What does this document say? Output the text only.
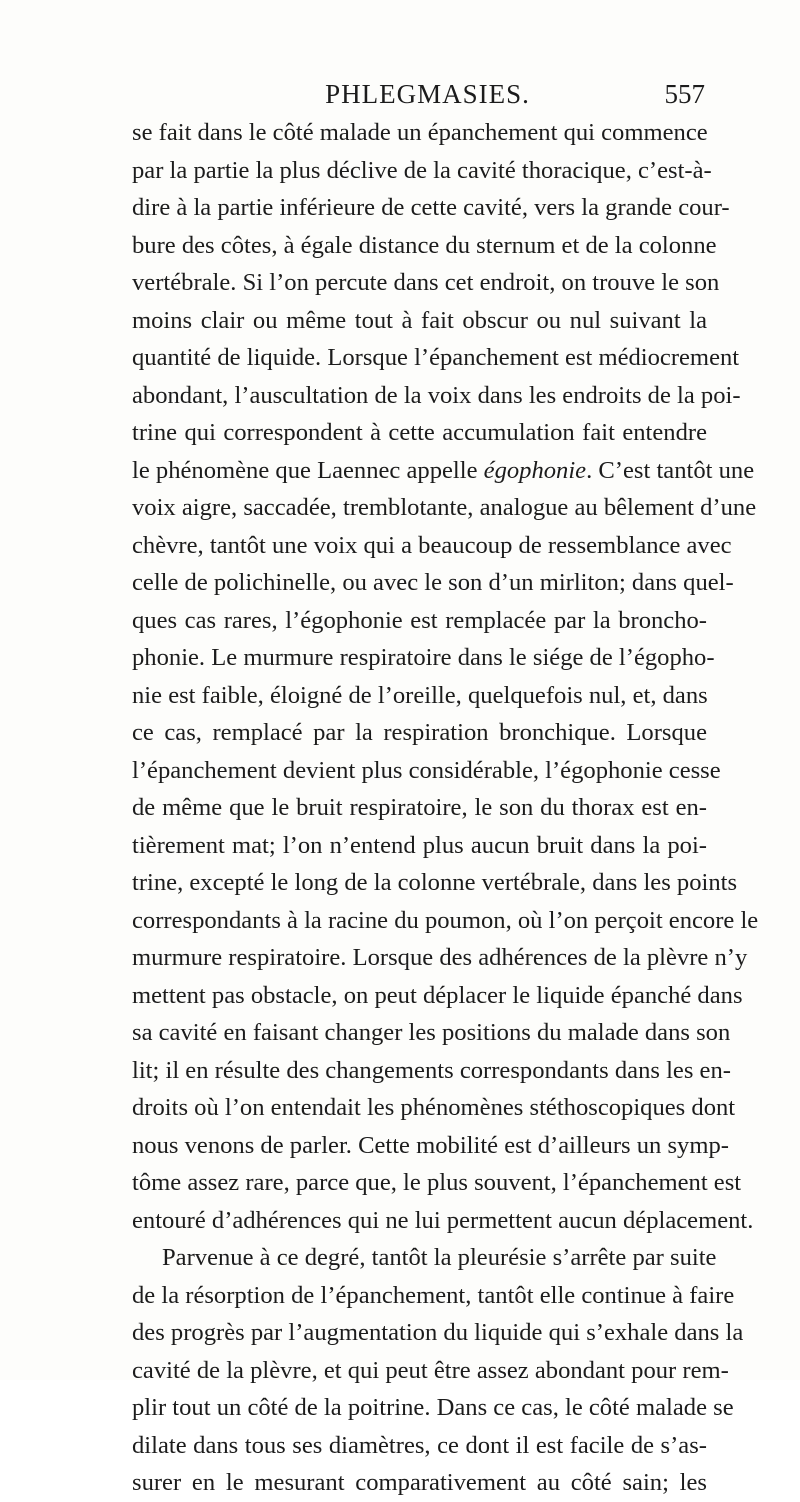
PHLEGMASIES.	557
se fait dans le côté malade un épanchement qui commence
par la partie la plus déclive de la cavité thoracique, c’est-à-
dire à la partie inférieure de cette cavité, vers la grande cour-
bure des côtes, à égale distance du sternum et de la colonne
vertébrale. Si l’on percute dans cet endroit, on trouve le son
moins clair ou même tout à fait obscur ou nul suivant la
quantité de liquide. Lorsque l’épanchement est médiocrement
abondant, l’auscultation de la voix dans les endroits de la poi-
trine qui correspondent à cette accumulation fait entendre
le phénomène que Laennec appelle égophonie. C’est tantôt une
voix aigre, saccadée, tremblotante, analogue au bêlement d’une
chèvre, tantôt une voix qui a beaucoup de ressemblance avec
celle de polichinelle, ou avec le son d’un mirliton; dans quel-
ques cas rares, l’égophonie est remplacée par la broncho-
phonie. Le murmure respiratoire dans le siége de l’égopho-
nie est faible, éloigné de l’oreille, quelquefois nul, et, dans
ce cas, remplacé par la respiration bronchique. Lorsque
l’épanchement devient plus considérable, l’égophonie cesse
de même que le bruit respiratoire, le son du thorax est en-
tièrement mat; l’on n’entend plus aucun bruit dans la poi-
trine, excepté le long de la colonne vertébrale, dans les points
correspondants à la racine du poumon, où l’on perçoit encore le
murmure respiratoire. Lorsque des adhérences de la plèvre n’y
mettent pas obstacle, on peut déplacer le liquide épanché dans
sa cavité en faisant changer les positions du malade dans son
lit; il en résulte des changements correspondants dans les en-
droits où l’on entendait les phénomènes stéthoscopiques dont
nous venons de parler. Cette mobilité est d’ailleurs un symp-
tôme assez rare, parce que, le plus souvent, l’épanchement est
entouré d’adhérences qui ne lui permettent aucun déplacement.
Parvenue à ce degré, tantôt la pleurésie s’arrête par suite
de la résorption de l’épanchement, tantôt elle continue à faire
des progrès par l’augmentation du liquide qui s’exhale dans la
cavité de la plèvre, et qui peut être assez abondant pour rem-
plir tout un côté de la poitrine. Dans ce cas, le côté malade se
dilate dans tous ses diamètres, ce dont il est facile de s’as-
surer en le mesurant comparativement au côté sain; les
